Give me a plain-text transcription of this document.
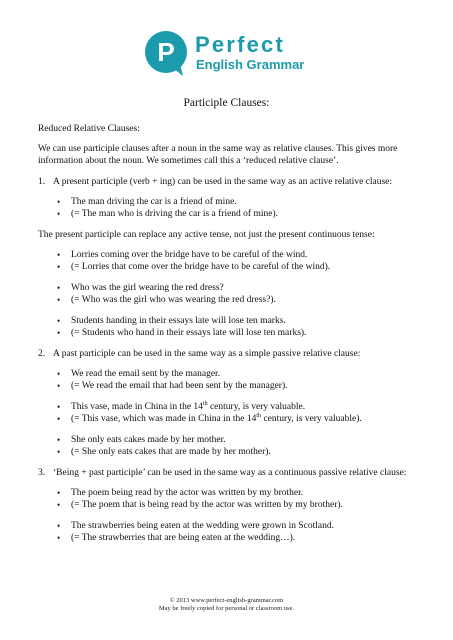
P Perfect
English Grammar
Participle Clauses:
Reduced Relative Clauses:

We can use participle clauses after a noun in the same way as relative clauses. This gives more information about the noun. We sometimes call this a ‘reduced relative clause’.

1. A present participle (verb + ing) can be used in the same way as an active relative clause:
• The man driving the car is a friend of mine.
• (= The man who is driving the car is a friend of mine).

The present participle can replace any active tense, not just the present continuous tense:

• Lorries coming over the bridge have to be careful of the wind.
• (= Lorries that come over the bridge have to be careful of the wind).
• Who was the girl wearing the red dress?
• (= Who was the girl who was wearing the red dress?).
• Students handing in their essays late will lose ten marks.
• (= Students who hand in their essays late will lose ten marks).
2. A past participle can be used in the same way as a simple passive relative clause:
• We read the email sent by the manager.
• (= We read the email that had been sent by the manager).
• This vase, made in China in the 14th century, is very valuable.
• (= This vase, which was made in China in the 14th century, is very valuable).
• She only eats cakes made by her mother.
• (= She only eats cakes that are made by her mother).
3. ‘Being + past participle’ can be used in the same way as a continuous passive relative clause:
• The poem being read by the actor was written by my brother.
• (= The poem that is being read by the actor was written by my brother).
• The strawberries being eaten at the wedding were grown in Scotland.
• (= The strawberries that are being eaten at the wedding…).
© 2013 www.perfect-english-grammar.com
May be freely copied for personal or classroom use.
